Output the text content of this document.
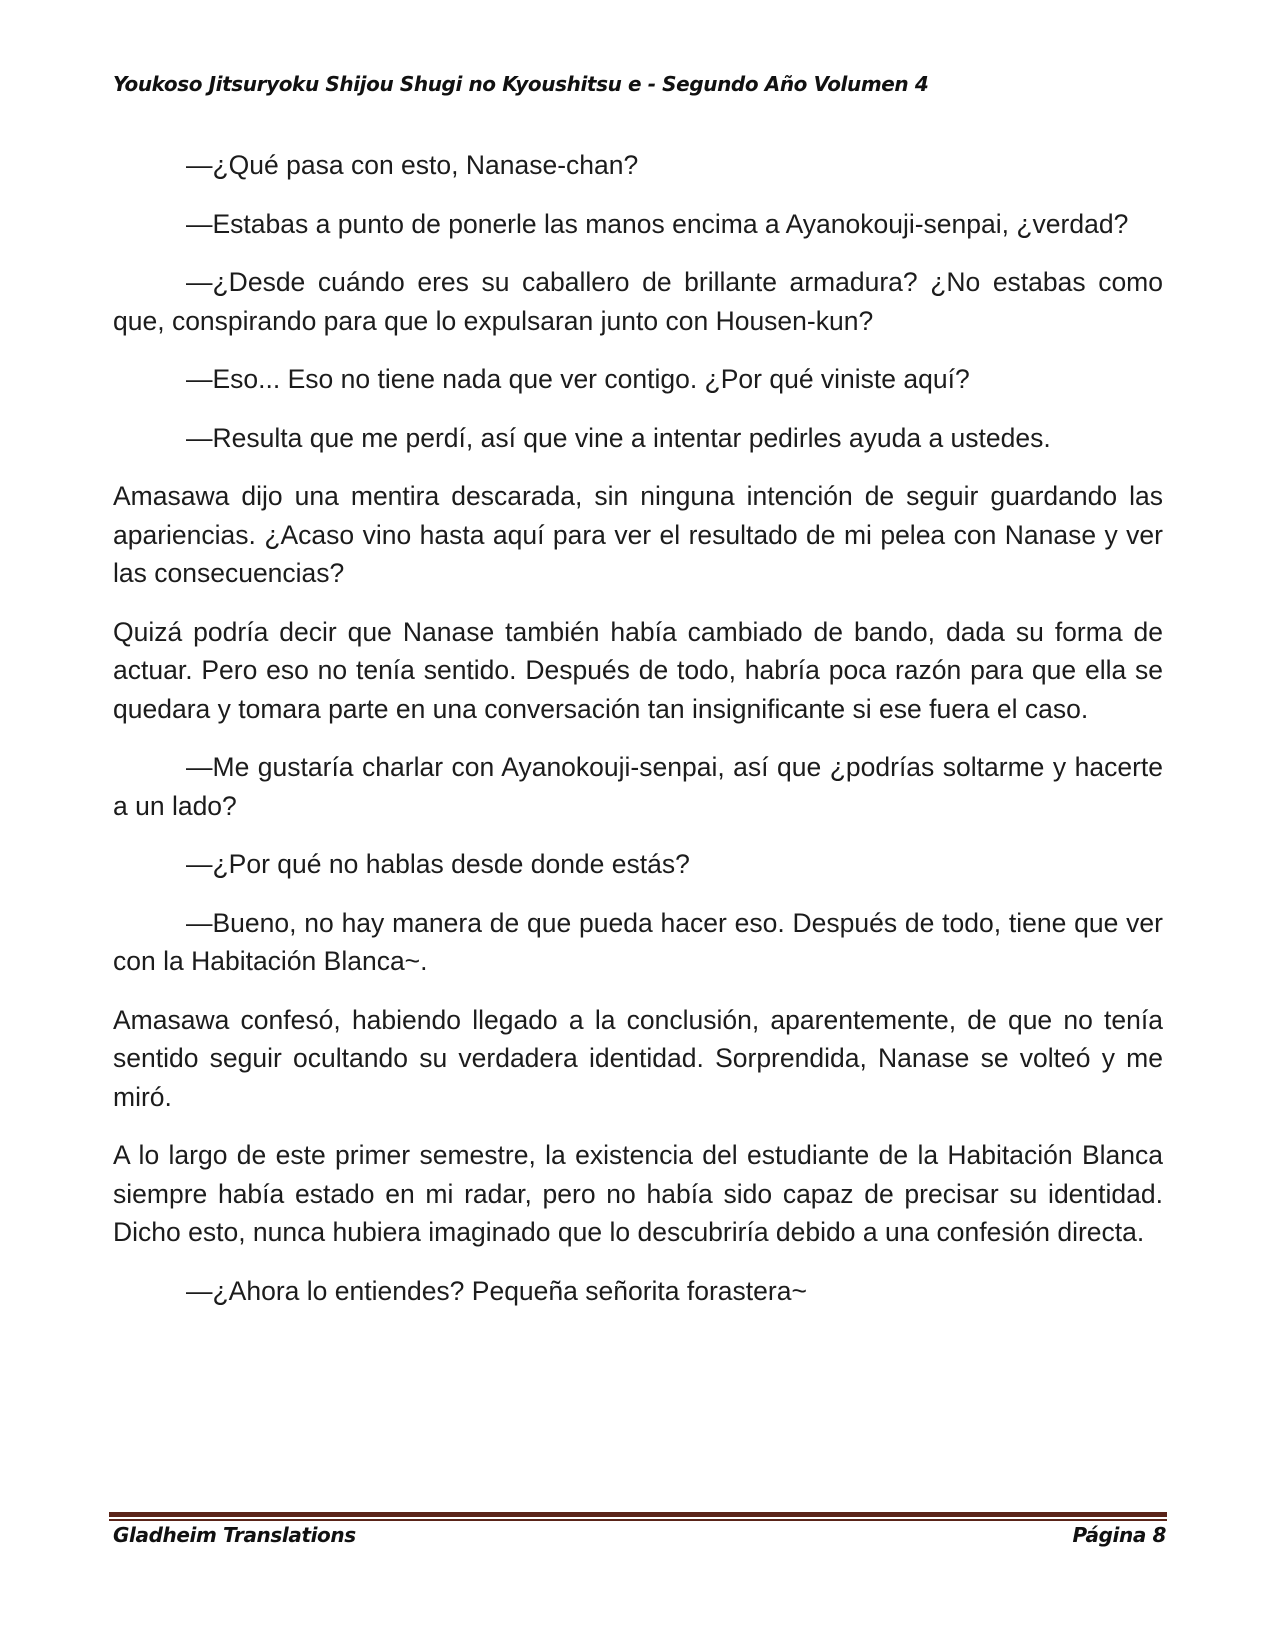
Youkoso Jitsuryoku Shijou Shugi no Kyoushitsu e - Segundo Año Volumen 4

—¿Qué pasa con esto, Nanase-chan?

—Estabas a punto de ponerle las manos encima a Ayanokouji-senpai, ¿verdad?

—¿Desde cuándo eres su caballero de brillante armadura? ¿No estabas como que, conspirando para que lo expulsaran junto con Housen-kun?

—Eso... Eso no tiene nada que ver contigo. ¿Por qué viniste aquí?

—Resulta que me perdí, así que vine a intentar pedirles ayuda a ustedes.

Amasawa dijo una mentira descarada, sin ninguna intención de seguir guardando las apariencias. ¿Acaso vino hasta aquí para ver el resultado de mi pelea con Nanase y ver las consecuencias?

Quizá podría decir que Nanase también había cambiado de bando, dada su forma de actuar. Pero eso no tenía sentido. Después de todo, habría poca razón para que ella se quedara y tomara parte en una conversación tan insignificante si ese fuera el caso.

—Me gustaría charlar con Ayanokouji-senpai, así que ¿podrías soltarme y hacerte a un lado?

—¿Por qué no hablas desde donde estás?

—Bueno, no hay manera de que pueda hacer eso. Después de todo, tiene que ver con la Habitación Blanca~.

Amasawa confesó, habiendo llegado a la conclusión, aparentemente, de que no tenía sentido seguir ocultando su verdadera identidad. Sorprendida, Nanase se volteó y me miró.

A lo largo de este primer semestre, la existencia del estudiante de la Habitación Blanca siempre había estado en mi radar, pero no había sido capaz de precisar su identidad. Dicho esto, nunca hubiera imaginado que lo descubriría debido a una confesión directa.

—¿Ahora lo entiendes? Pequeña señorita forastera~

Gladheim Translations	Página 8
